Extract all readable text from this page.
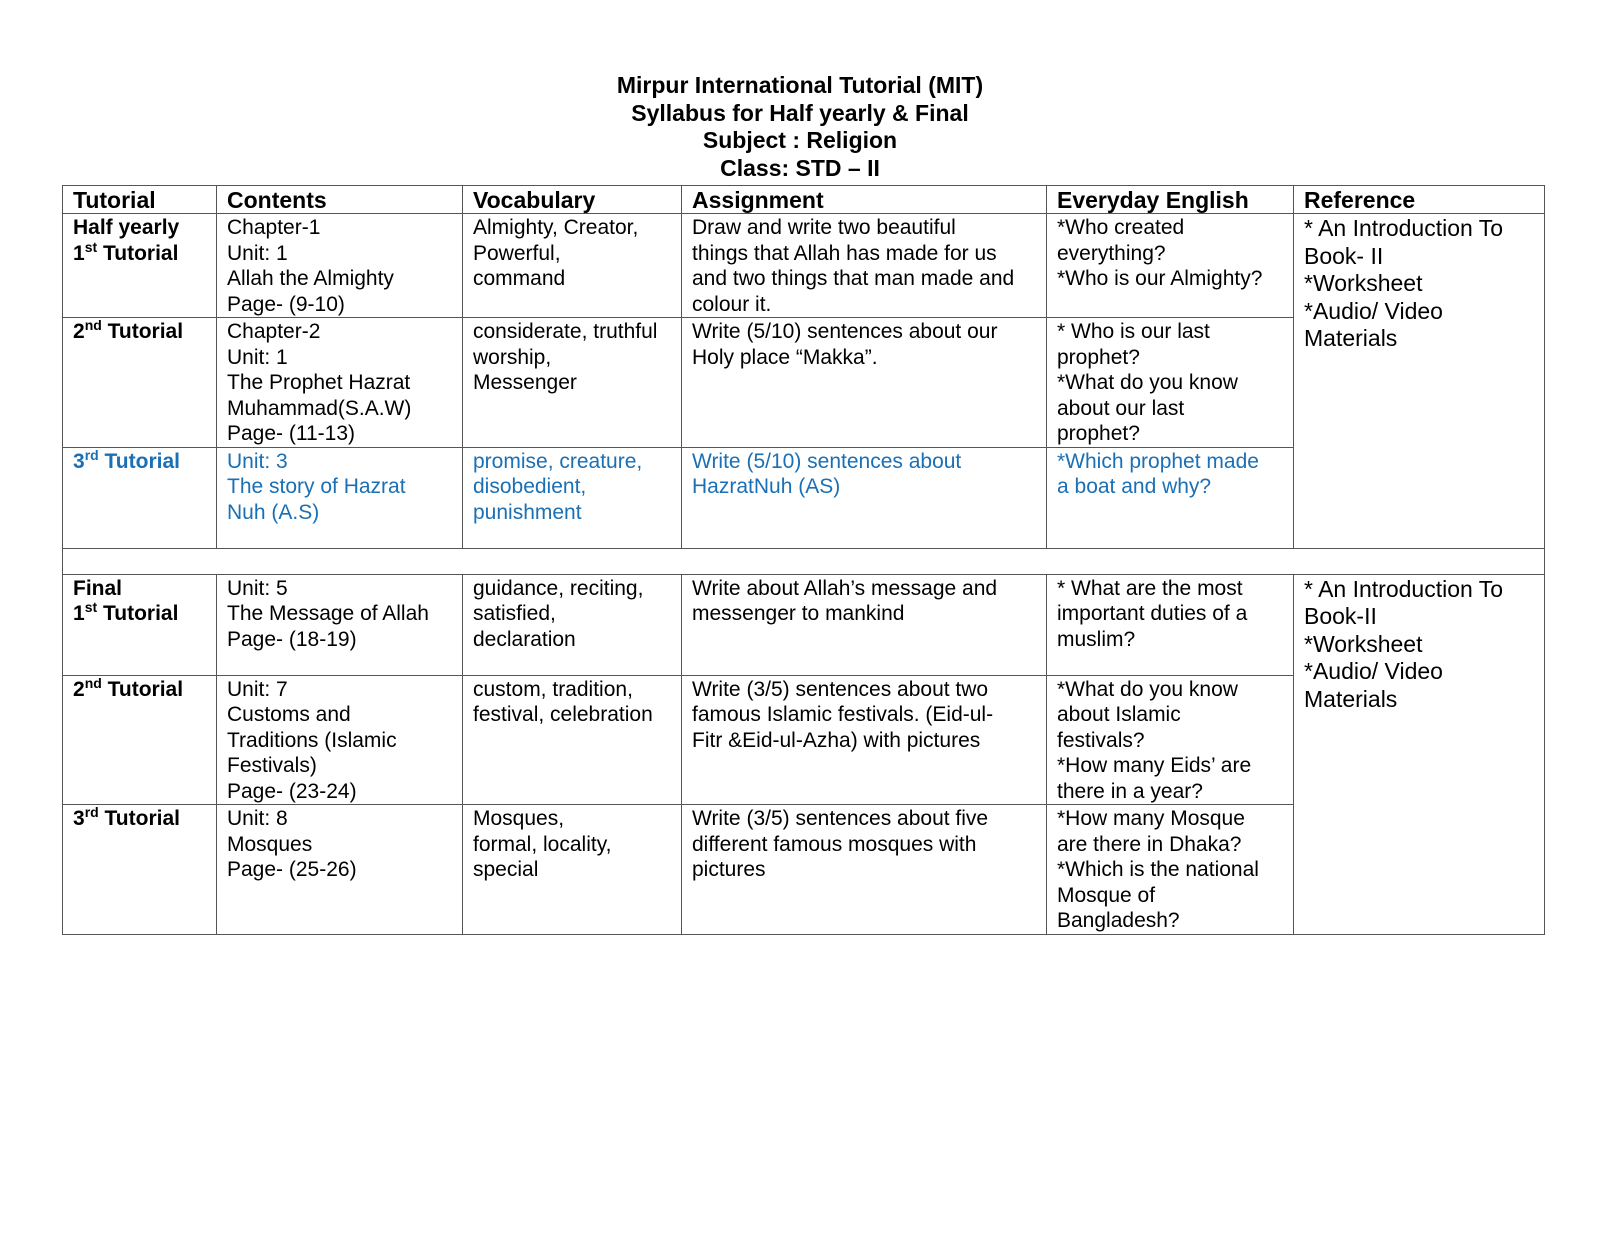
Mirpur International Tutorial (MIT)
Syllabus for Half yearly & Final
Subject : Religion
Class: STD – II
Tutorial	Contents	Vocabulary	Assignment	Everyday English	Reference

Half yearly
1st Tutorial	Chapter-1
Unit: 1
Allah the Almighty
Page- (9-10)	Almighty, Creator,
Powerful,
command	Draw and write two beautiful
things that Allah has made for us
and two things that man made and
colour it.	*Who created
everything?
*Who is our Almighty?	* An Introduction To
Book- II
*Worksheet
*Audio/ Video
Materials

2nd Tutorial	Chapter-2
Unit: 1
The Prophet Hazrat
Muhammad(S.A.W)
Page- (11-13)	considerate, truthful
worship,
Messenger	Write (5/10) sentences about our
Holy place “Makka”.	* Who is our last
prophet?
*What do you know
about our last
prophet?	

3rd Tutorial	Unit: 3
The story of Hazrat
Nuh (A.S)	promise, creature,
disobedient,
punishment	Write (5/10) sentences about
HazratNuh (AS)	*Which prophet made
a boat and why?	

Final
1st Tutorial	Unit: 5
The Message of Allah
Page- (18-19)	guidance, reciting,
satisfied,
declaration	Write about Allah’s message and
messenger to mankind	* What are the most
important duties of a
muslim?	* An Introduction To
Book-II
*Worksheet
*Audio/ Video
Materials

2nd Tutorial	Unit: 7
Customs and
Traditions (Islamic
Festivals)
Page- (23-24)	custom, tradition,
festival, celebration	Write (3/5) sentences about two
famous Islamic festivals. (Eid-ul-
Fitr &Eid-ul-Azha) with pictures	*What do you know
about Islamic
festivals?
*How many Eids’ are
there in a year?	

3rd Tutorial	Unit: 8
Mosques
Page- (25-26)	Mosques,
formal, locality,
special	Write (3/5) sentences about five
different famous mosques with
pictures	*How many Mosque
are there in Dhaka?
*Which is the national
Mosque of
Bangladesh?	
